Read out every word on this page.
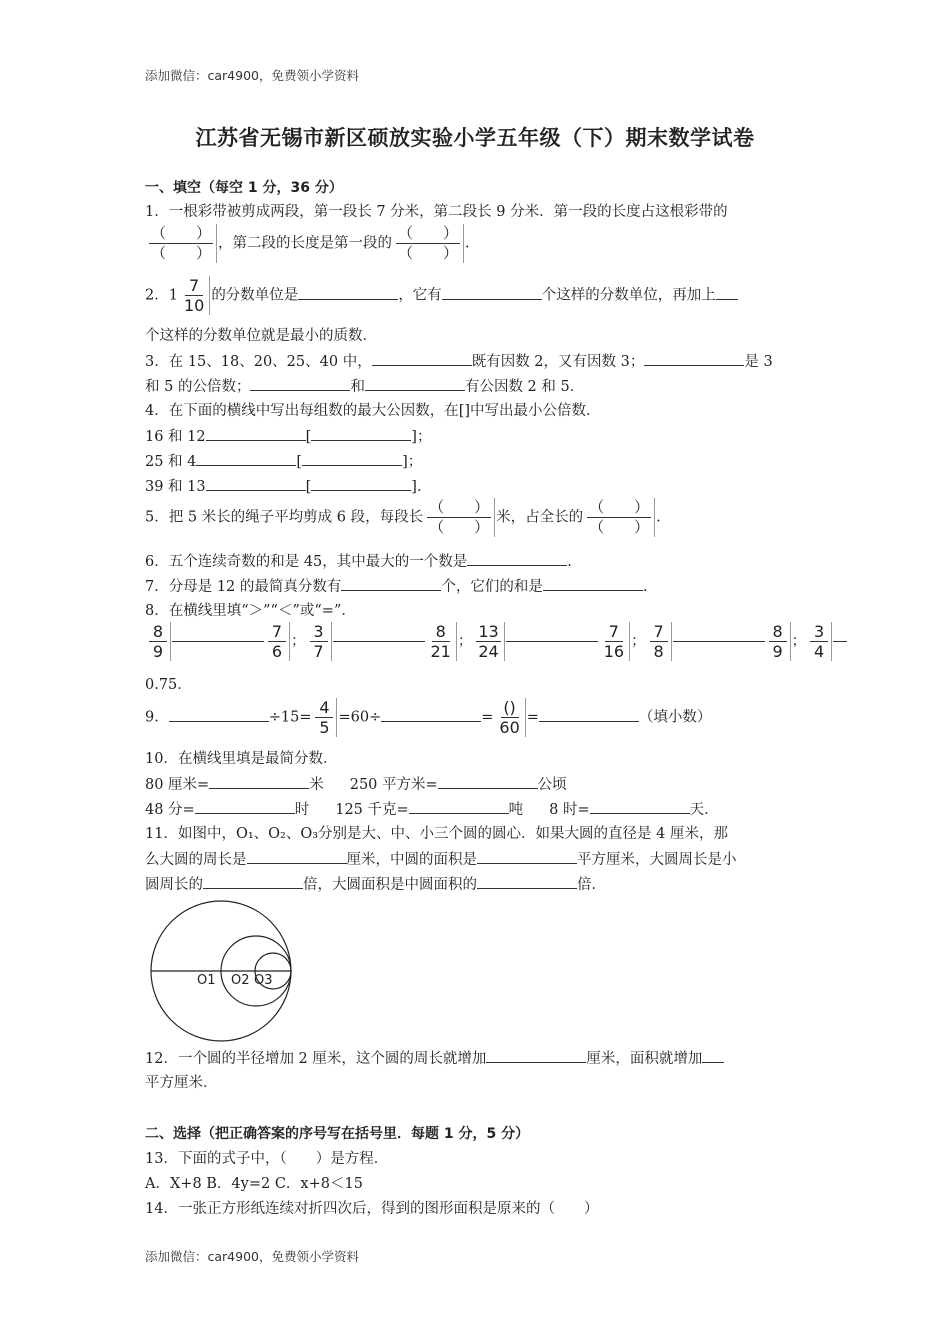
添加微信：car4900，免费领小学资料
江苏省无锡市新区硕放实验小学五年级（下）期末数学试卷
一、填空（每空 1 分，36 分）
1．一根彩带被剪成两段，第一段长 7 分米，第二段长 9 分米．第一段的长度占这根彩带的
$\frac{( )}{( )}$ ，第二段的长度是第一段的 $\frac{( )}{( )}$ .
2．$1 \frac{7}{10}$ 的分数单位是	，它有	个这样的分数单位，再加上
个这样的分数单位就是最小的质数．
3．在 15、18、20、25、40 中，	既有因数 2，又有因数 3；	是 3
和 5 的公倍数；	和	有公因数 2 和 5．
4．在下面的横线中写出每组数的最大公因数，在[]中写出最小公倍数．
16 和 12	[	]；
25 和 4	[	]；
39 和 13	[	]．
5．把 5 米长的绳子平均剪成 6 段，每段长 $\frac{( )}{( )}$ 米，占全长的 $\frac{( )}{( )}$ .
6．五个连续奇数的和是 45，其中最大的一个数是	.
7．分母是 12 的最简真分数有	个，它们的和是	.
8．在横线里填“＞”“＜”或“=”．
$\frac{8}{9}$	$\frac{7}{6}$ ； $\frac{3}{7}$	$\frac{8}{21}$ ； $\frac{13}{24}$	$\frac{7}{16}$ ； $\frac{7}{8}$	$\frac{8}{9}$ ； $\frac{3}{4}$
0.75．
9．	$\div 15= \frac{4}{5} =60\div$	= $\frac{()}{60}$ =	（填小数）
10．在横线里填是最简分数．
80 厘米=	米 250 平方米=	公顷
48 分=	时 125 千克=	吨 8 时=	天．
11．如图中，O₁、O₂、O₃分别是大、中、小三个圆的圆心．如果大圆的直径是 4 厘米，那
么大圆的周长是	厘米，中圆的面积是	平方厘米，大圆周长是小
圆周长的	倍，大圆面积是中圆面积的	倍．
O1 O2 O3
12．一个圆的半径增加 2 厘米，这个圆的周长就增加	厘米，面积就增加
平方厘米．
二、选择（把正确答案的序号写在括号里．每题 1 分，5 分）
13．下面的式子中，（　　）是方程．
A．X+8 B．4y=2 C．x+8＜15
14．一张正方形纸连续对折四次后，得到的图形面积是原来的（　　）
添加微信：car4900，免费领小学资料
